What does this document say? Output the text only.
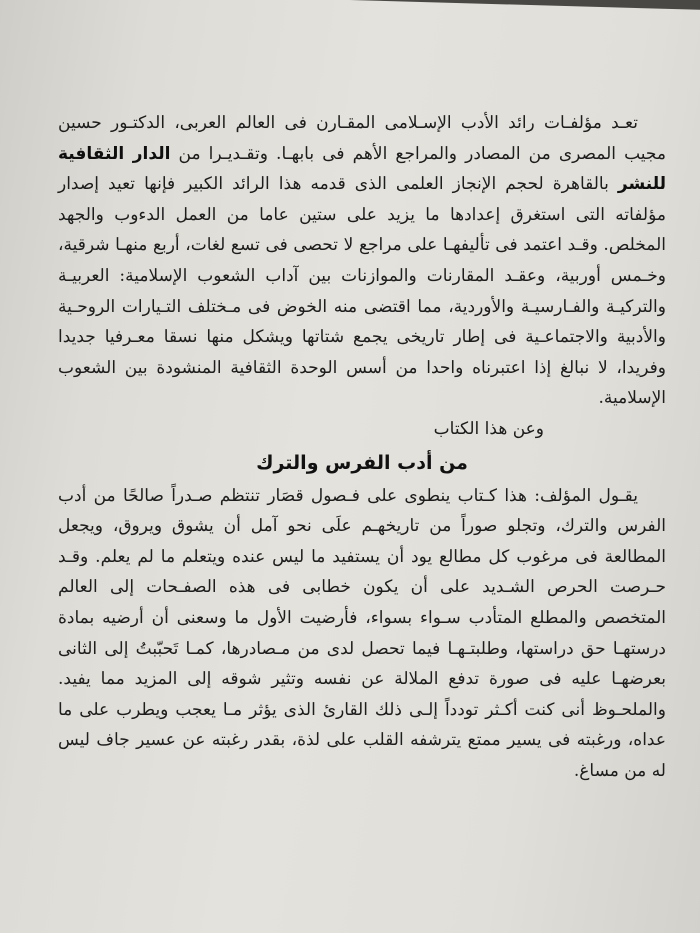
تعـد مؤلفـات رائد الأدب الإسـلامى المقـارن فى العالم العربى، الدكتـور حسين مجيب المصرى من المصادر والمراجع الأهم فى بابهـا. وتقـديـرا من الدار الثقافية للنشر بالقاهرة لحجم الإنجاز العلمى الذى قدمه هذا الرائد الكبير فإنها تعيد إصدار مؤلفاته التى استغرق إعدادها ما يزيد على ستين عاما من العمل الدءوب والجهد المخلص. وقـد اعتمد فى تأليفهـا على مراجع لا تحصى فى تسع لغات، أربع منهـا شرقية، وخـمس أوربية، وعقـد المقارنات والموازنات بين آداب الشعوب الإسلامية: العربيـة والتركيـة والفـارسيـة والأوردية، مما اقتضى منه الخوض فى مـختلف التـيارات الروحـية والأدبية والاجتماعـية فى إطار تاريخى يجمع شتاتها ويشكل منها نسقا معـرفيا جديدا وفريدا، لا نبالغ إذا اعتبرناه واحدا من أسس الوحدة الثقافية المنشودة بين الشعوب الإسلامية.

وعن هذا الكتاب

من أدب الفرس والترك

يقـول المؤلف: هذا كـتاب ينطوى على فـصول قصَار تنتظم صـدراً صالحًا من أدب الفرس والترك، وتجلو صوراً من تاريخهـم علَى نحو آمل أن يشوق ويروق، ويجعل المطالعة فى مرغوب كل مطالع يود أن يستفيد ما ليس عنده ويتعلم ما لم يعلم. وقـد حـرصت الحرص الشـديد على أن يكون خطابى فى هذه الصفـحات إلى العالم المتخصص والمطلع المتأدب سـواء بسواء، فأرضيت الأول ما وسعنى أن أرضيه بمادة درستهـا حق دراستها، وطلبتـهـا فيما تحصل لدى من مـصادرها، كمـا تَحبّبتُ إلى الثانى بعرضهـا عليه فى صورة تدفع الملالة عن نفسه وتثير شوقه إلى المزيد مما يفيد. والملحـوظ أنى كنت أكـثر تودداً إلـى ذلك القارئ الذى يؤثر مـا يعجب ويطرب على ما عداه، ورغبته فى يسير ممتع يترشفه القلب على لذة، بقدر رغبته عن عسير جاف ليس له من مساغ.
